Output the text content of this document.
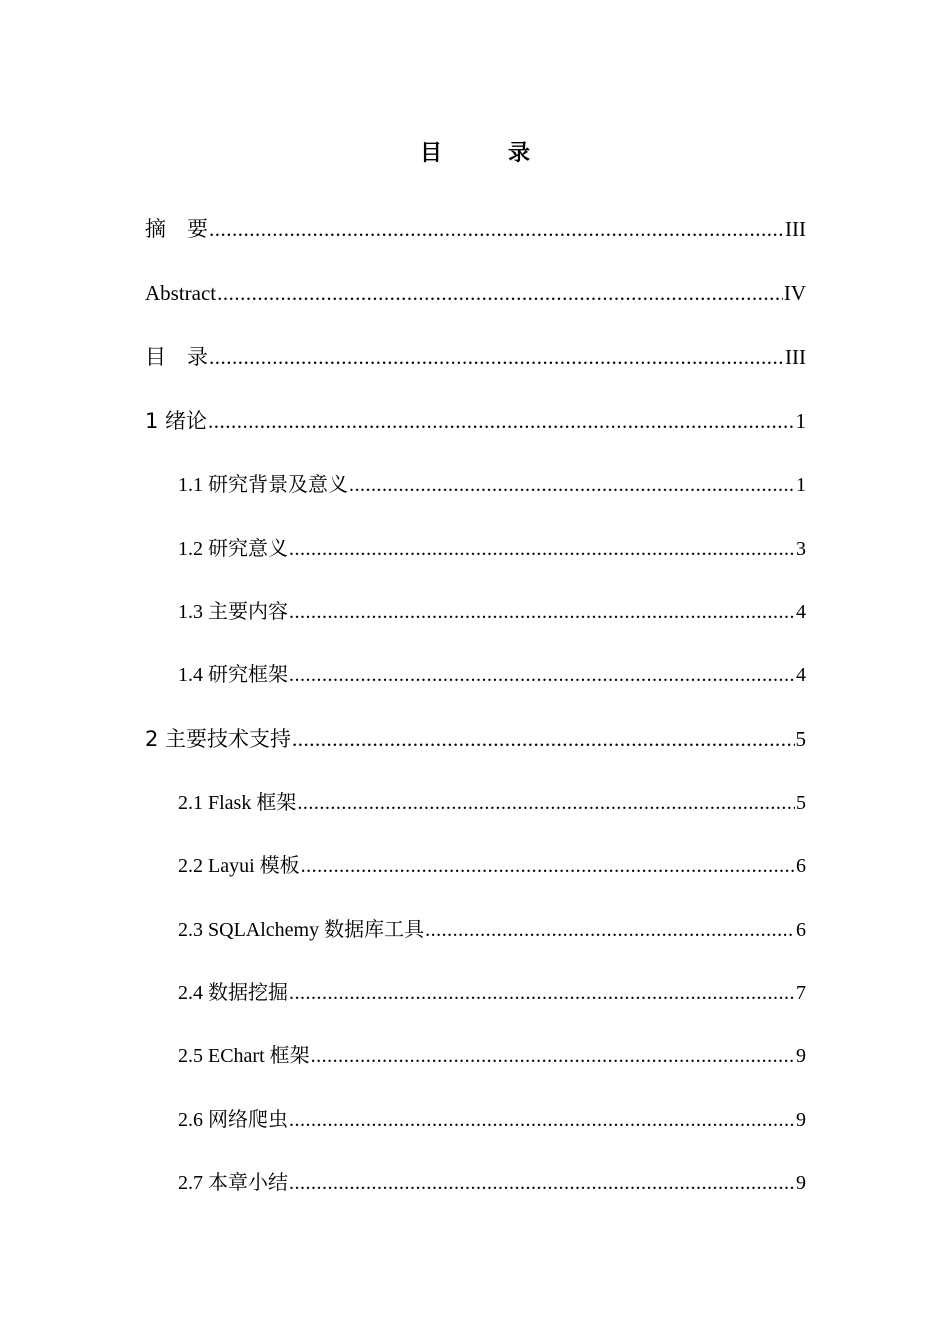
目　录
摘　要 .....	III
Abstract .....	IV
目　录 .....	III
1 绪论 .....	1
1.1 研究背景及意义 .....	1
1.2 研究意义 .....	3
1.3 主要内容 .....	4
1.4 研究框架 .....	4
2 主要技术支持 .....	5
2.1 Flask 框架 .....	5
2.2 Layui 模板 .....	6
2.3 SQLAlchemy 数据库工具 .....	6
2.4 数据挖掘 .....	7
2.5 EChart 框架 .....	9
2.6 网络爬虫 .....	9
2.7 本章小结 .....	9
